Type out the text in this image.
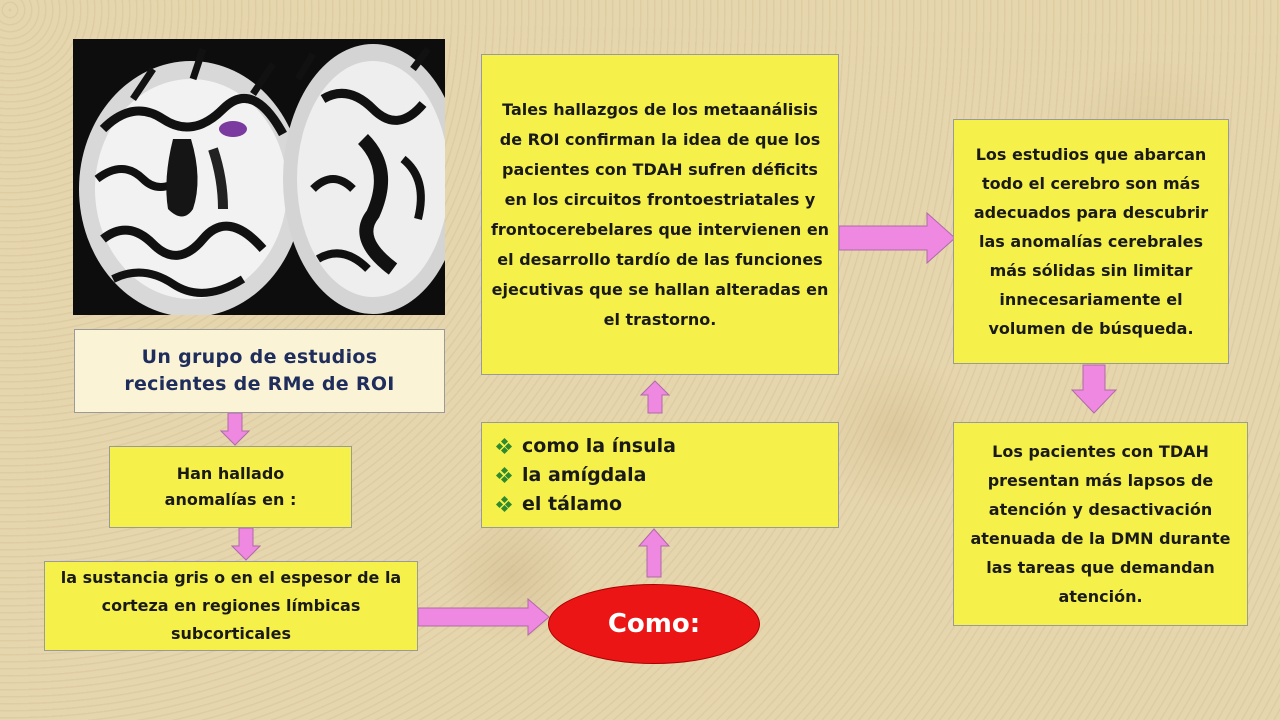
Un grupo de estudios recientes de RMe de ROI
Han hallado anomalías en :
la sustancia gris o en el espesor de la corteza en regiones límbicas subcorticales	Como:
como la ínsula
la amígdala
el tálamo
Tales hallazgos de los metaanálisis de ROI confirman la idea de que los pacientes con TDAH sufren déficits en los circuitos frontoestriatales y frontocerebelares que intervienen en el desarrollo tardío de las funciones ejecutivas que se hallan alteradas en el trastorno.
Los estudios que abarcan todo el cerebro son más adecuados para descubrir las anomalías cerebrales más sólidas sin limitar innecesariamente el volumen de búsqueda.
Los pacientes con TDAH presentan más lapsos de atención y desactivación atenuada de la DMN durante las tareas que demandan atención.
